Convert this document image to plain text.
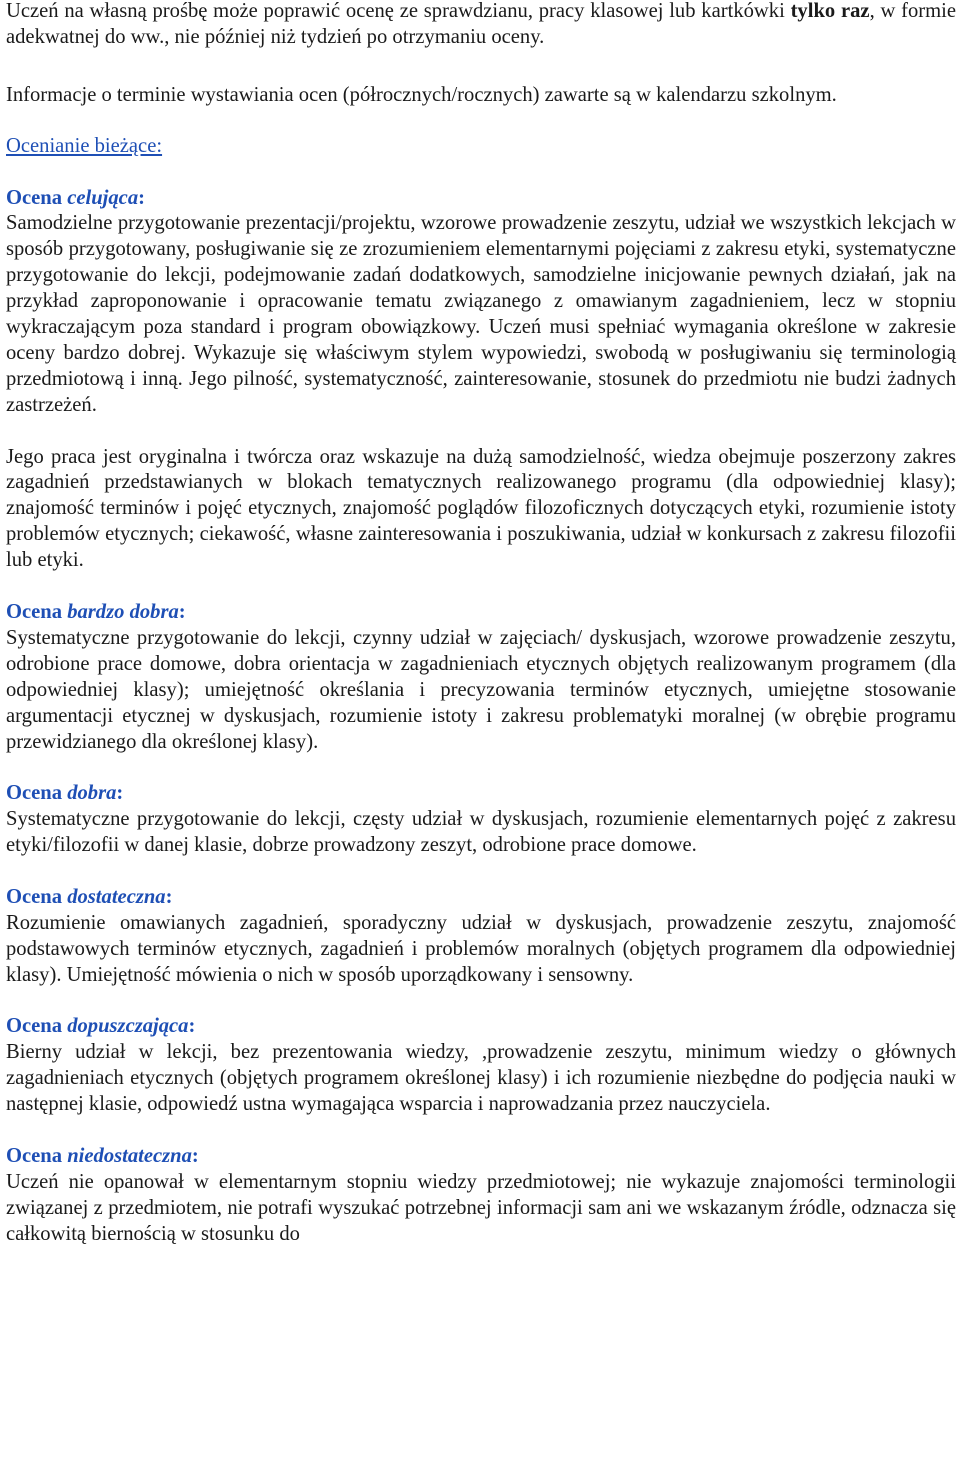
Uczeń na własną prośbę może poprawić ocenę ze sprawdzianu, pracy klasowej lub kartkówki tylko raz, w formie adekwatnej do ww., nie później niż tydzień po otrzymaniu oceny.

Informacje o terminie wystawiania ocen (półrocznych/rocznych) zawarte są w kalendarzu szkolnym.

Ocenianie bieżące:

Ocena celująca:

Samodzielne przygotowanie prezentacji/projektu, wzorowe prowadzenie zeszytu, udział we wszystkich lekcjach w sposób przygotowany, posługiwanie się ze zrozumieniem elementarnymi pojęciami z zakresu etyki, systematyczne przygotowanie do lekcji, podejmowanie zadań dodatkowych, samodzielne inicjowanie pewnych działań, jak na przykład zaproponowanie i opracowanie tematu związanego z omawianym zagadnieniem, lecz w stopniu wykraczającym poza standard i program obowiązkowy. Uczeń musi spełniać wymagania określone w zakresie oceny bardzo dobrej. Wykazuje się właściwym stylem wypowiedzi, swobodą w posługiwaniu się terminologią przedmiotową i inną. Jego pilność, systematyczność, zainteresowanie, stosunek do przedmiotu nie budzi żadnych zastrzeżeń.

Jego praca jest oryginalna i twórcza oraz wskazuje na dużą samodzielność, wiedza obejmuje poszerzony zakres zagadnień przedstawianych w blokach tematycznych realizowanego programu (dla odpowiedniej klasy); znajomość terminów i pojęć etycznych, znajomość poglądów filozoficznych dotyczących etyki, rozumienie istoty problemów etycznych; ciekawość, własne zainteresowania i poszukiwania, udział w konkursach z zakresu filozofii lub etyki.

Ocena bardzo dobra:

Systematyczne przygotowanie do lekcji, czynny udział w zajęciach/ dyskusjach, wzorowe prowadzenie zeszytu, odrobione prace domowe, dobra orientacja w zagadnieniach etycznych objętych realizowanym programem (dla odpowiedniej klasy); umiejętność określania i precyzowania terminów etycznych, umiejętne stosowanie argumentacji etycznej w dyskusjach, rozumienie istoty i zakresu problematyki moralnej (w obrębie programu przewidzianego dla określonej klasy).

Ocena dobra:

Systematyczne przygotowanie do lekcji, częsty udział w dyskusjach, rozumienie elementarnych pojęć z zakresu etyki/filozofii w danej klasie, dobrze prowadzony zeszyt, odrobione prace domowe.

Ocena dostateczna:

Rozumienie omawianych zagadnień, sporadyczny udział w dyskusjach, prowadzenie zeszytu, znajomość podstawowych terminów etycznych, zagadnień i problemów moralnych (objętych programem dla odpowiedniej klasy). Umiejętność mówienia o nich w sposób uporządkowany i sensowny.

Ocena dopuszczająca:

Bierny udział w lekcji, bez prezentowania wiedzy, ,prowadzenie zeszytu, minimum wiedzy o głównych zagadnieniach etycznych (objętych programem określonej klasy) i ich rozumienie niezbędne do podjęcia nauki w następnej klasie, odpowiedź ustna wymagająca wsparcia i naprowadzania przez nauczyciela.

Ocena niedostateczna:

Uczeń nie opanował w elementarnym stopniu wiedzy przedmiotowej; nie wykazuje znajomości terminologii związanej z przedmiotem, nie potrafi wyszukać potrzebnej informacji sam ani we wskazanym źródle, odznacza się całkowitą biernością w stosunku do
